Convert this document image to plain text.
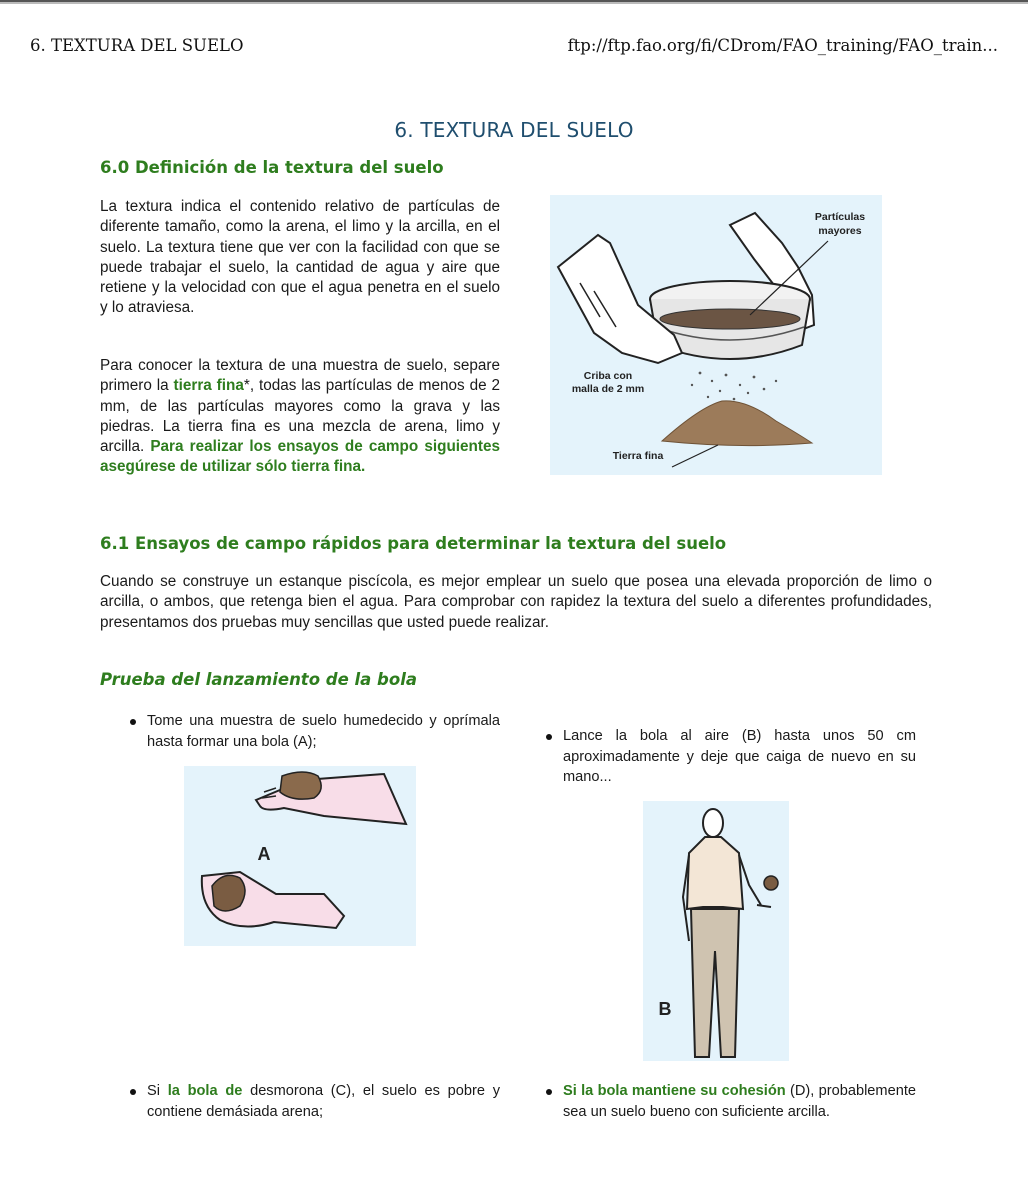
6. TEXTURA DEL SUELO	ftp://ftp.fao.org/fi/CDrom/FAO_training/FAO_train...
6. TEXTURA DEL SUELO
6.0 Definición de la textura del suelo

La textura indica el contenido relativo de partículas de diferente tamaño, como la arena, el limo y la arcilla, en el suelo. La textura tiene que ver con la facilidad con que se puede trabajar el suelo, la cantidad de agua y aire que retiene y la velocidad con que el agua penetra en el suelo y lo atraviesa.

Para conocer la textura de una muestra de suelo, separe primero la tierra fina*, todas las partículas de menos de 2 mm, de las partículas mayores como la grava y las piedras. La tierra fina es una mezcla de arena, limo y arcilla. Para realizar los ensayos de campo siguientes asegúrese de utilizar sólo tierra fina.

Partículas
mayores
Criba con
malla de 2 mm
Tierra fina
6.1 Ensayos de campo rápidos para determinar la textura del suelo

Cuando se construye un estanque piscícola, es mejor emplear un suelo que posea una elevada proporción de limo o arcilla, o ambos, que retenga bien el agua. Para comprobar con rapidez la textura del suelo a diferentes profundidades, presentamos dos pruebas muy sencillas que usted puede realizar.

Prueba del lanzamiento de la bola

Tome una muestra de suelo humedecido y oprímala hasta formar una bola (A);

A

Lance la bola al aire (B) hasta unos 50 cm aproximadamente y deje que caiga de nuevo en su mano...

B

Si la bola de desmorona (C), el suelo es pobre y contiene demásiada arena;

Si la bola mantiene su cohesión (D), probablemente sea un suelo bueno con suficiente arcilla.
